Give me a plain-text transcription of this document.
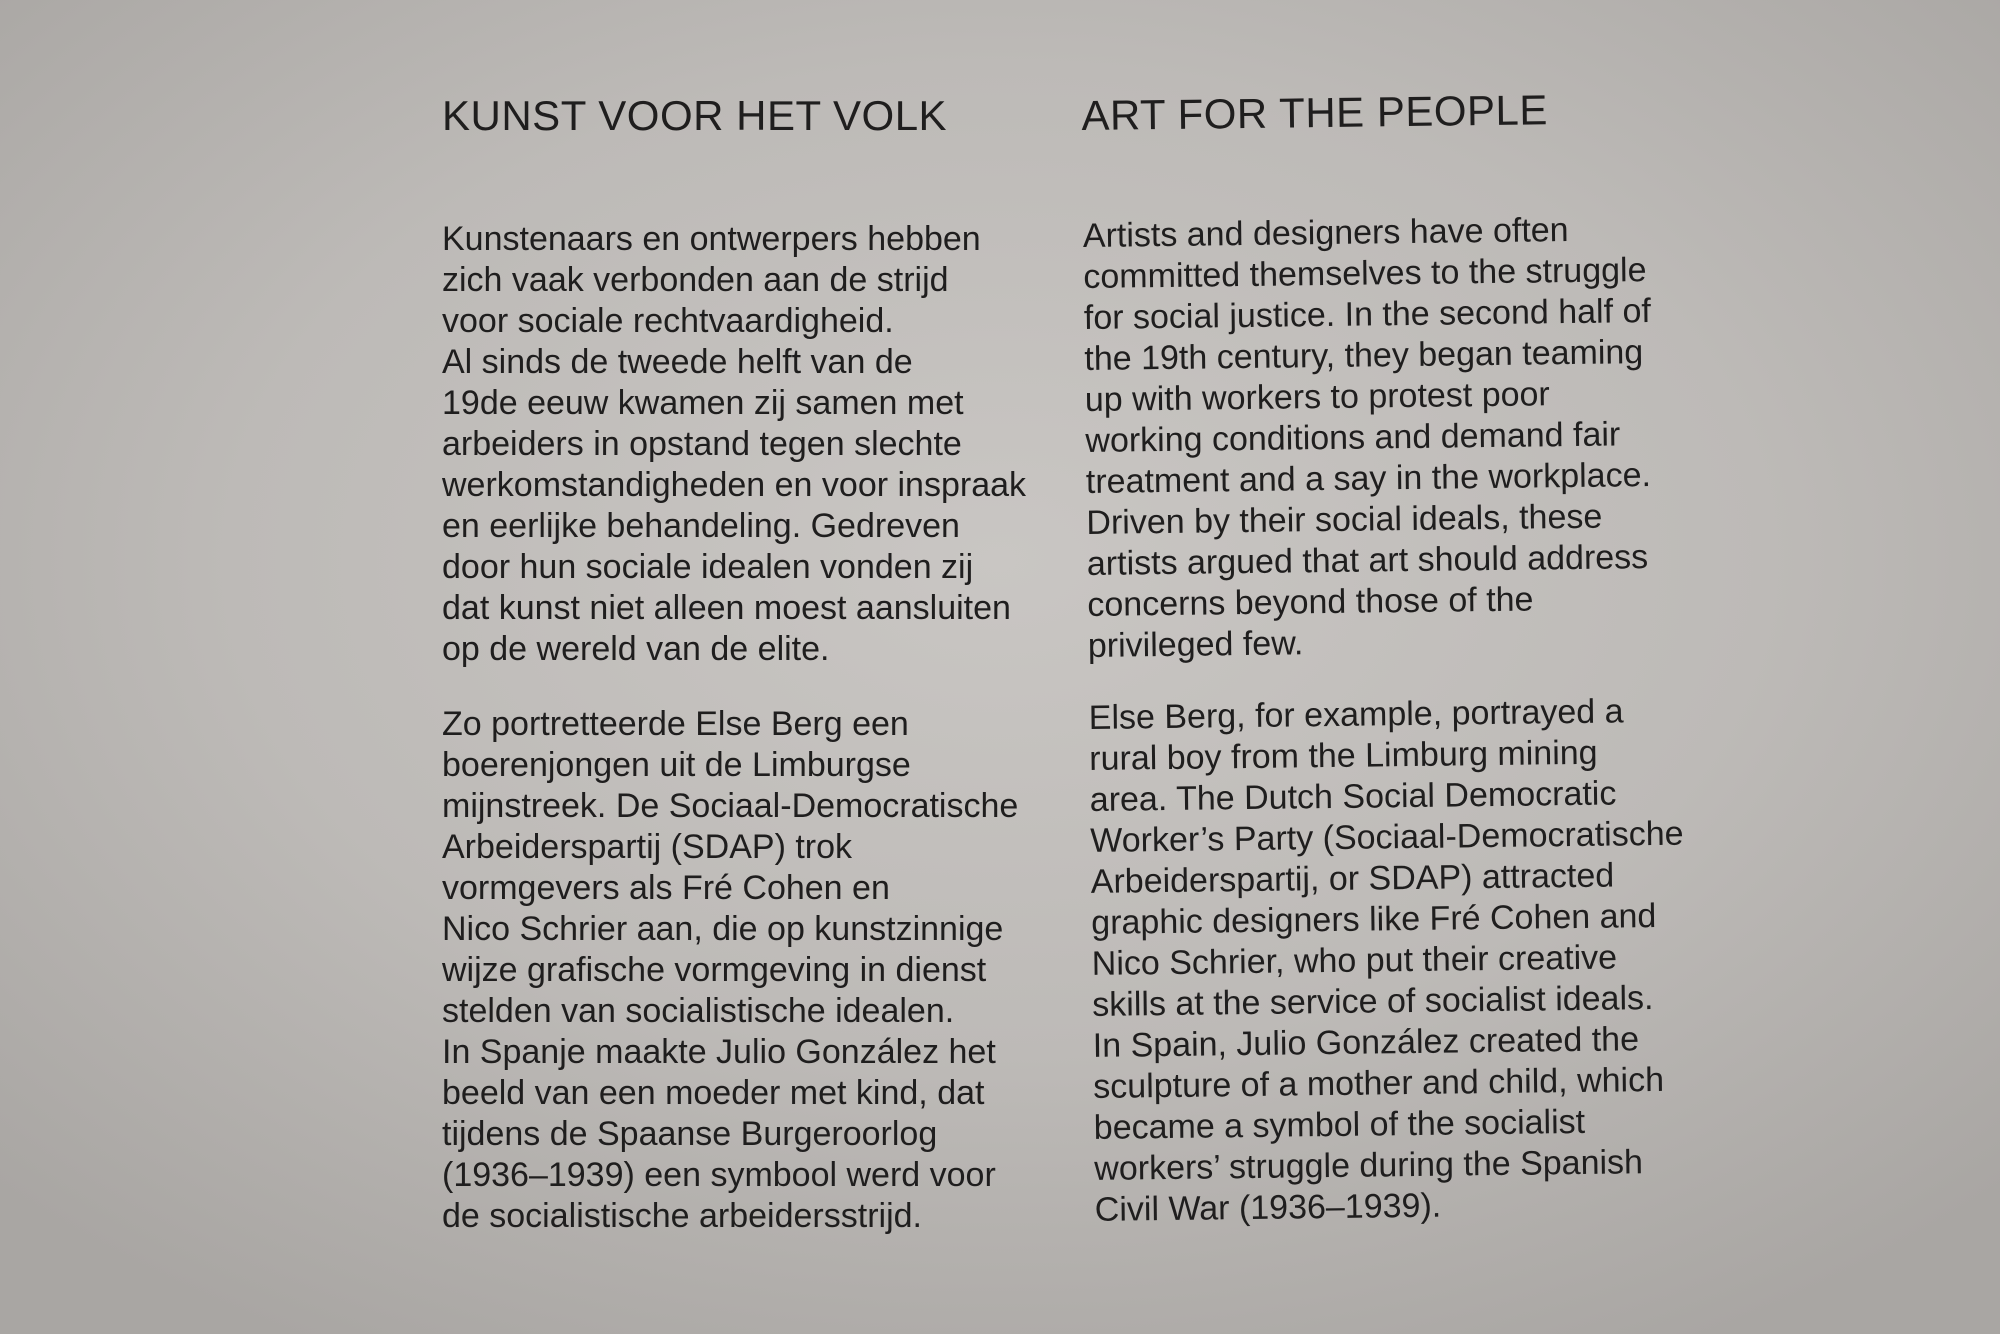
KUNST VOOR HET VOLK

Kunstenaars en ontwerpers hebben
zich vaak verbonden aan de strijd
voor sociale rechtvaardigheid.
Al sinds de tweede helft van de
19de eeuw kwamen zij samen met
arbeiders in opstand tegen slechte
werkomstandigheden en voor inspraak
en eerlijke behandeling. Gedreven
door hun sociale idealen vonden zij
dat kunst niet alleen moest aansluiten
op de wereld van de elite.

Zo portretteerde Else Berg een
boerenjongen uit de Limburgse
mijnstreek. De Sociaal-Democratische
Arbeiderspartij (SDAP) trok
vormgevers als Fré Cohen en
Nico Schrier aan, die op kunstzinnige
wijze grafische vormgeving in dienst
stelden van socialistische idealen.
In Spanje maakte Julio González het
beeld van een moeder met kind, dat
tijdens de Spaanse Burgeroorlog
(1936–1939) een symbool werd voor
de socialistische arbeidersstrijd.

ART FOR THE PEOPLE

Artists and designers have often
committed themselves to the struggle
for social justice. In the second half of
the 19th century, they began teaming
up with workers to protest poor
working conditions and demand fair
treatment and a say in the workplace.
Driven by their social ideals, these
artists argued that art should address
concerns beyond those of the
privileged few.

Else Berg, for example, portrayed a
rural boy from the Limburg mining
area. The Dutch Social Democratic
Worker’s Party (Sociaal-Democratische
Arbeiderspartij, or SDAP) attracted
graphic designers like Fré Cohen and
Nico Schrier, who put their creative
skills at the service of socialist ideals.
In Spain, Julio González created the
sculpture of a mother and child, which
became a symbol of the socialist
workers’ struggle during the Spanish
Civil War (1936–1939).
